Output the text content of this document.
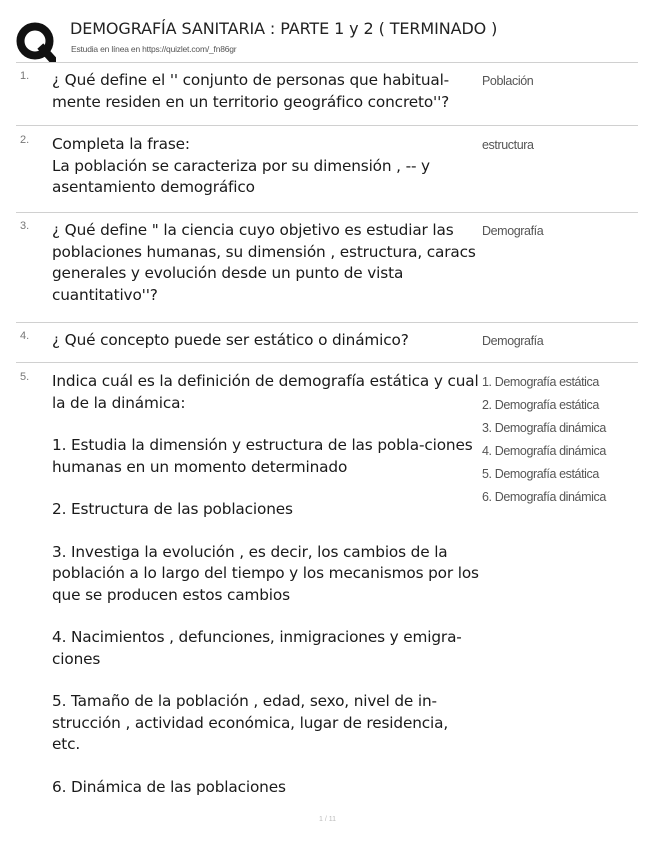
DEMOGRAFÍA SANITARIA : PARTE 1 y 2 ( TERMINADO )
Estudia en línea en https://quizlet.com/_fn86gr
1. ¿ Qué define el '' conjunto de personas que habitual-mente residen en un territorio geográfico concreto''?

Población
2. Completa la frase:

La población se caracteriza por su dimensión , -- y asentamiento demográfico

estructura
3. ¿ Qué define " la ciencia cuyo objetivo es estudiar las poblaciones humanas, su dimensión , estructura, caracs generales y evolución desde un punto de vista cuantitativo''?

Demografía
4. ¿ Qué concepto puede ser estático o dinámico?	Demografía
5. Indica cuál es la definición de demografía estática y cual la de la dinámica:

1. Estudia la dimensión y estructura de las pobla-ciones humanas en un momento determinado

2. Estructura de las poblaciones

3. Investiga la evolución , es decir, los cambios de la población a lo largo del tiempo y los mecanismos por los que se producen estos cambios

4. Nacimientos , defunciones, inmigraciones y emigra-ciones

5. Tamaño de la población , edad, sexo, nivel de in-strucción , actividad económica, lugar de residencia, etc.

6. Dinámica de las poblaciones

1. Demografía estática
2. Demografía estática
3. Demografía dinámica
4. Demografía dinámica
5. Demografía estática
6. Demografía dinámica
1 / 11
